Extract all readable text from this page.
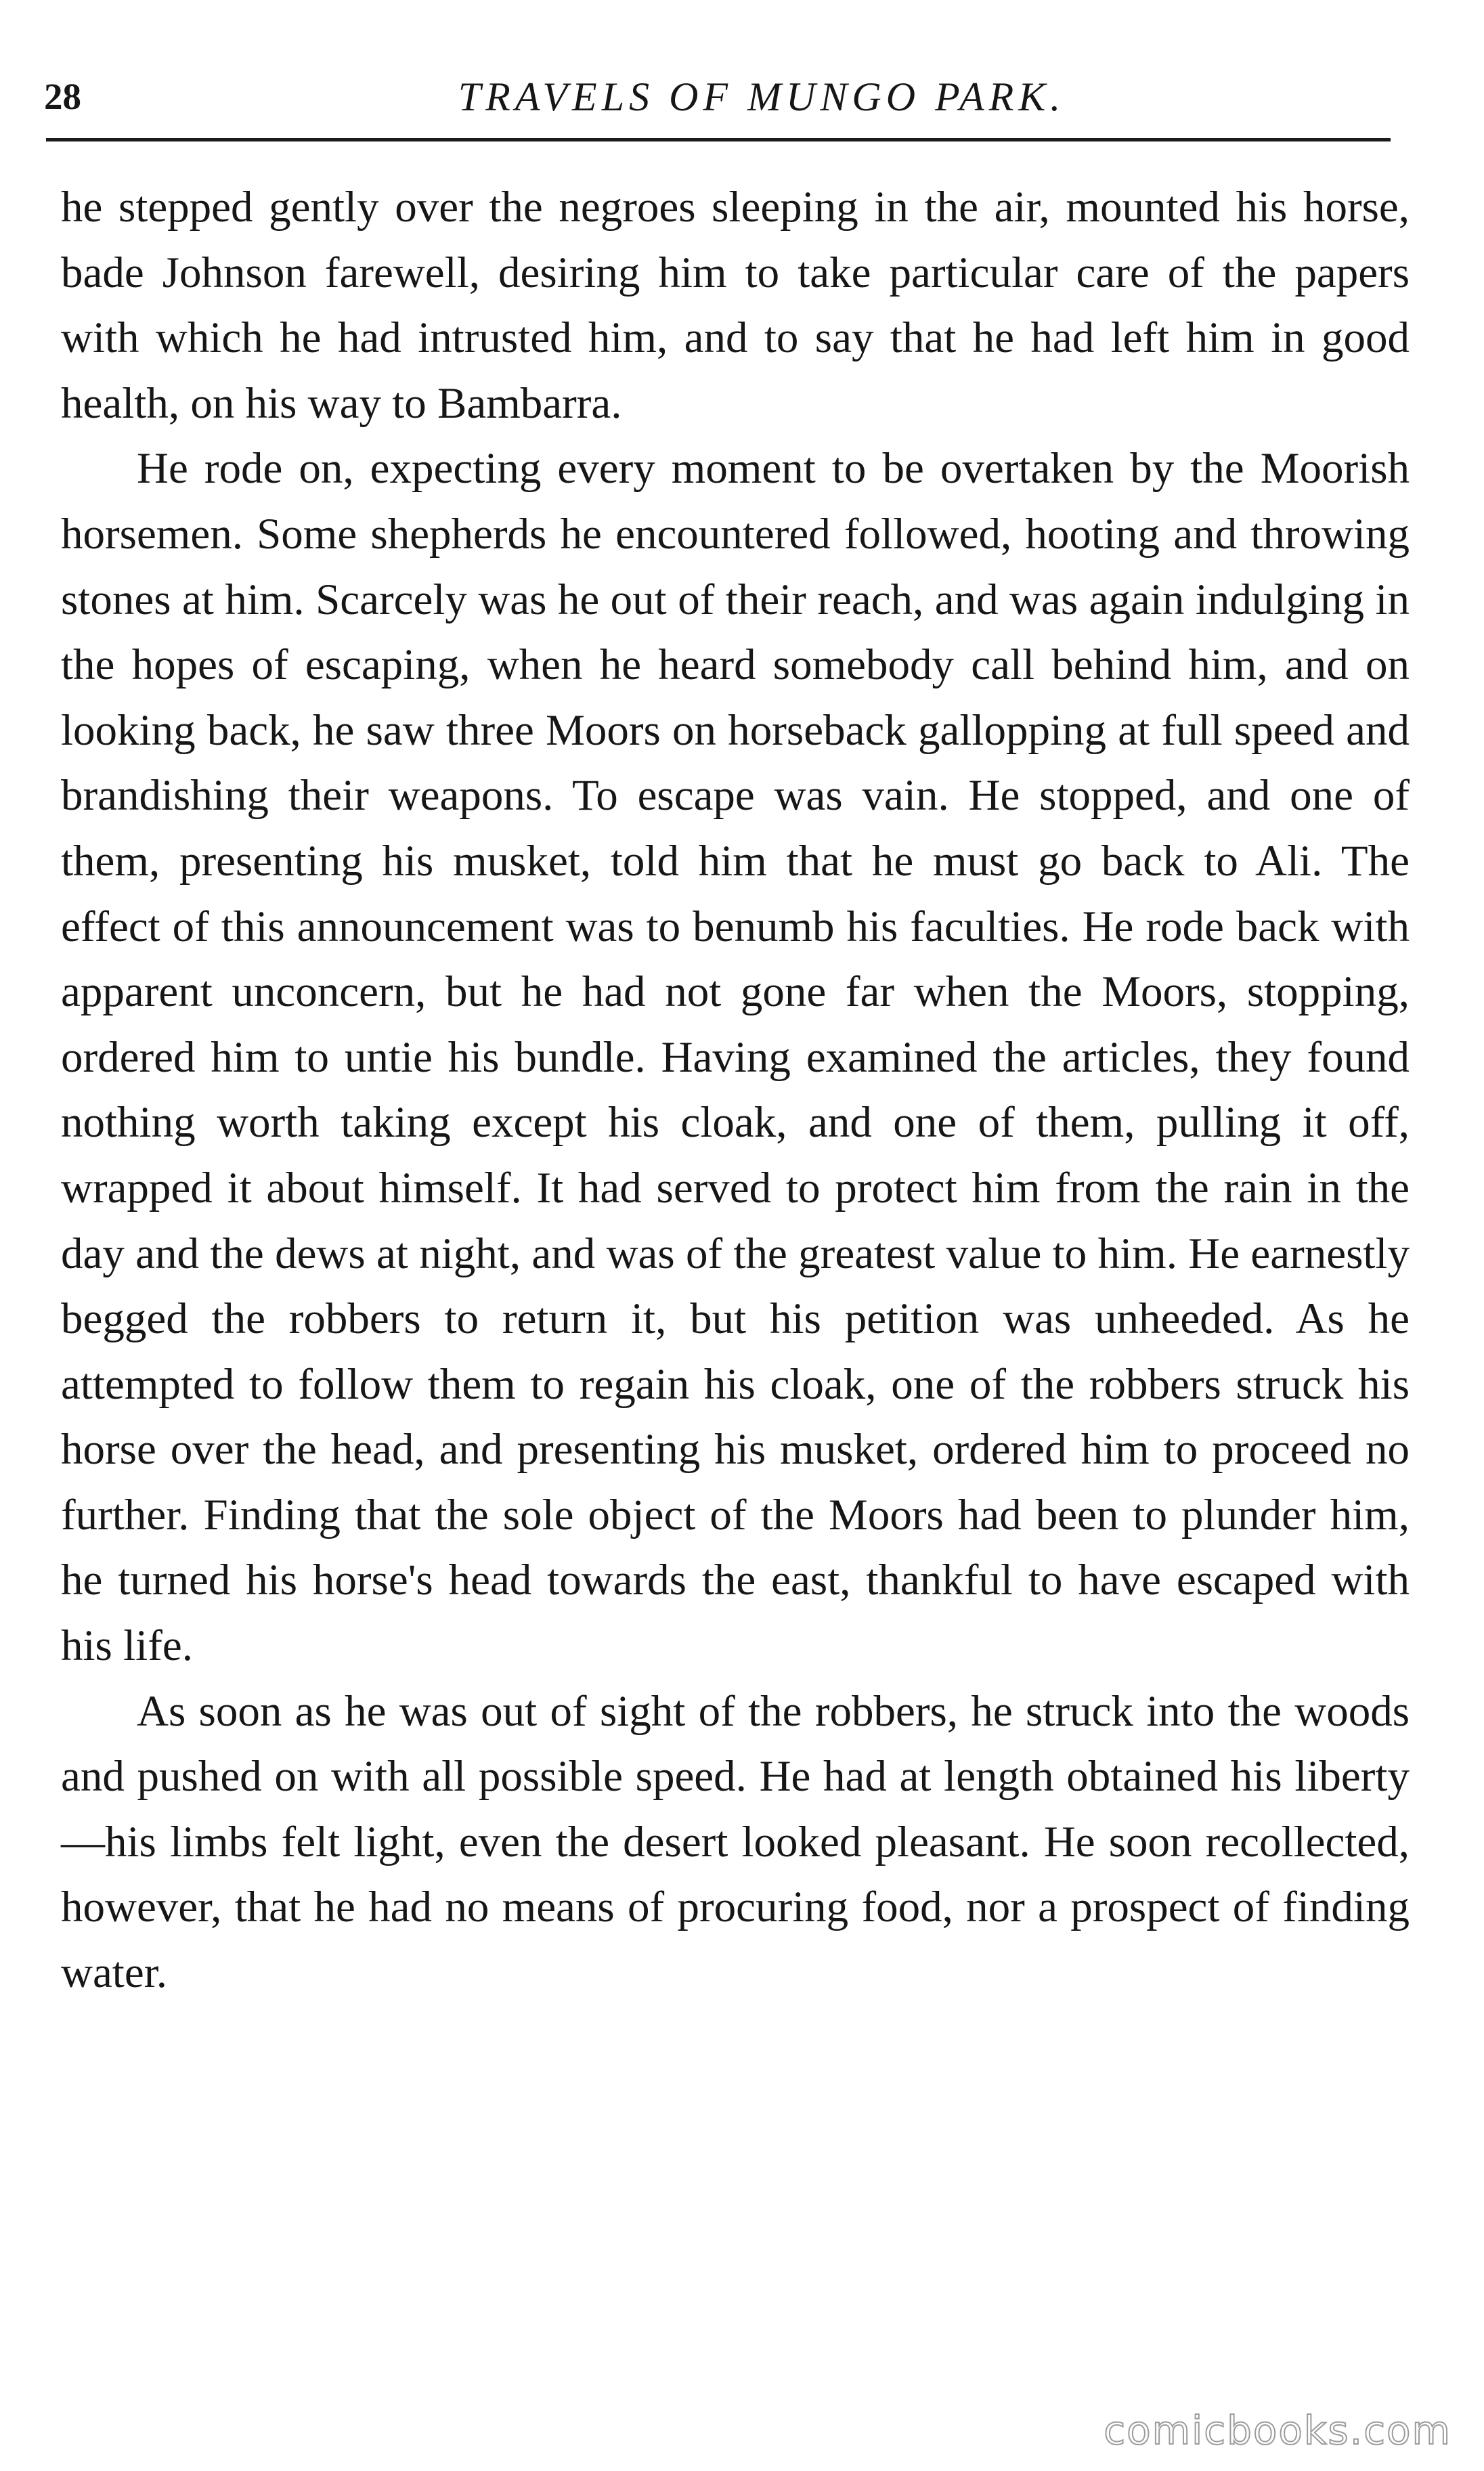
28	TRAVELS OF MUNGO PARK.

he stepped gently over the negroes sleeping in the air, mounted his horse, bade Johnson farewell, desiring him to take particular care of the papers with which he had intrusted him, and to say that he had left him in good health, on his way to Bambarra.

He rode on, expecting every moment to be overtaken by the Moorish horsemen. Some shepherds he encountered followed, hooting and throwing stones at him. Scarcely was he out of their reach, and was again indulging in the hopes of escaping, when he heard somebody call behind him, and on looking back, he saw three Moors on horseback gallopping at full speed and brandishing their weapons. To escape was vain. He stopped, and one of them, presenting his musket, told him that he must go back to Ali. The effect of this announcement was to benumb his faculties. He rode back with apparent unconcern, but he had not gone far when the Moors, stopping, ordered him to untie his bundle. Having examined the articles, they found nothing worth taking except his cloak, and one of them, pulling it off, wrapped it about himself. It had served to protect him from the rain in the day and the dews at night, and was of the greatest value to him. He earnestly begged the robbers to return it, but his petition was unheeded. As he attempted to follow them to regain his cloak, one of the robbers struck his horse over the head, and presenting his musket, ordered him to proceed no further. Finding that the sole object of the Moors had been to plunder him, he turned his horse's head towards the east, thankful to have escaped with his life.

As soon as he was out of sight of the robbers, he struck into the woods and pushed on with all possible speed. He had at length obtained his liberty—his limbs felt light, even the desert looked pleasant. He soon recollected, however, that he had no means of procuring food, nor a prospect of finding water.

comicbooks.com
